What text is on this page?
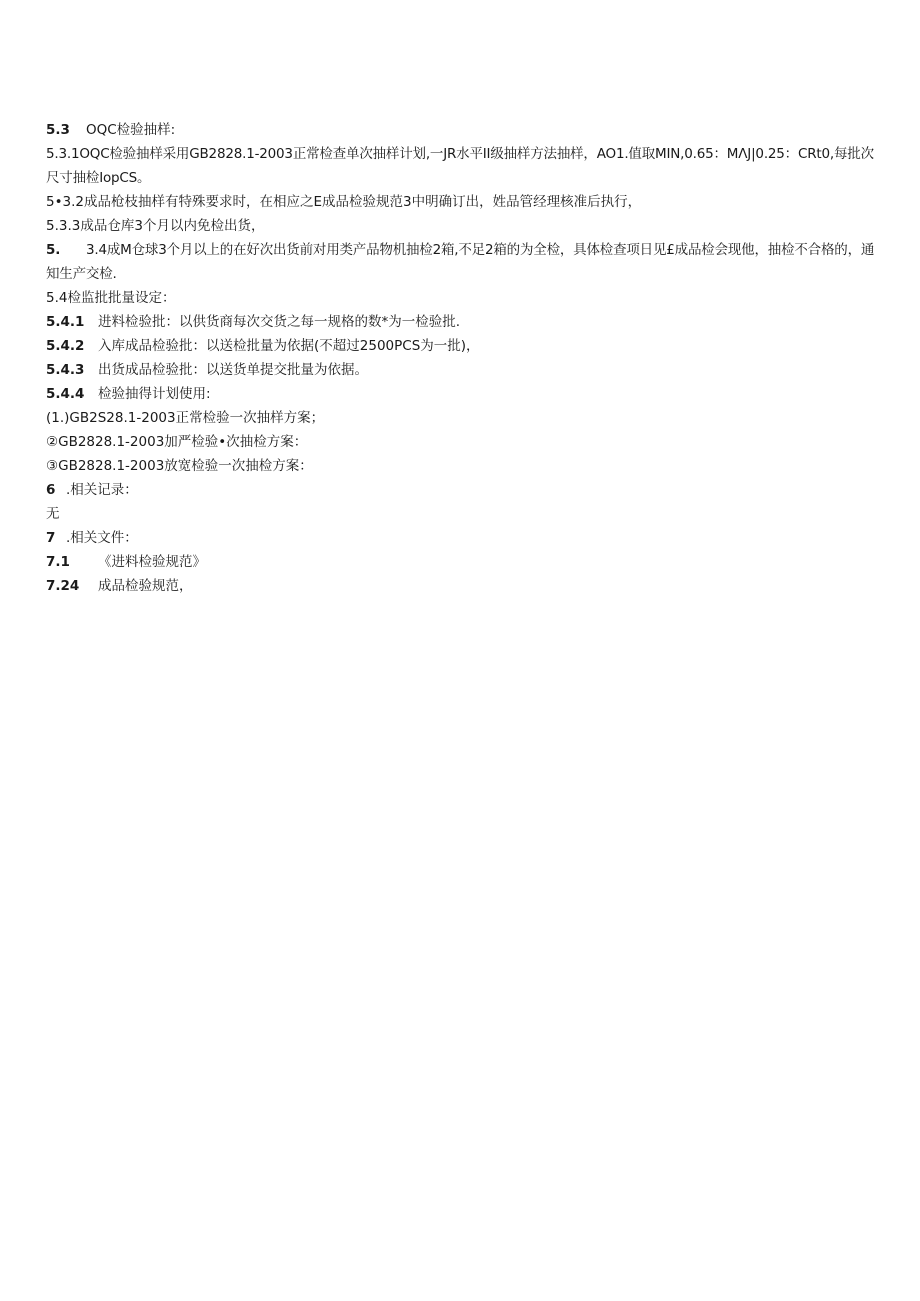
5.3 OQC检验抽样:
5.3.1OQC检验抽样采用GB2828.1-2003正常检查单次抽样计划,一JR水平II级抽样方法抽样，AO1.值取MIN,0.65：MΛJ|0.25：CRt0,每批次尺寸抽检IopCS。
5•3.2成品枪枝抽样有特殊要求时，在相应之E成品检验规范3中明确订出，姓品管经理核准后执行，
5.3.3成品仓库3个月以内免检出货，
5. 3.4成M仓球3个月以上的在好次出货前对用类产品物机抽检2箱,不足2箱的为全检，具体检查项日见£成品检会现他，抽检不合格的，通知生产交检.
5.4检监批批量设定：
5.4.1 进料检验批：以供货商每次交货之每一规格的数*为一检验批.
5.4.2 入库成品检验批：以送检批量为依据(不超过2500PCS为一批)，
5.4.3 出货成品检验批：以送货单提交批量为依据。
5.4.4 检验抽得计划使用:
(1.)GB2S28.1-2003正常检验一次抽样方案；
②GB2828.1-2003加严检验•次抽检方案：
③GB2828.1-2003放宽检验一次抽检方案：
6 .相关记录：
无
7 .相关文件：
7.1 《进料检验规范》
7.24 成品检验规范，
